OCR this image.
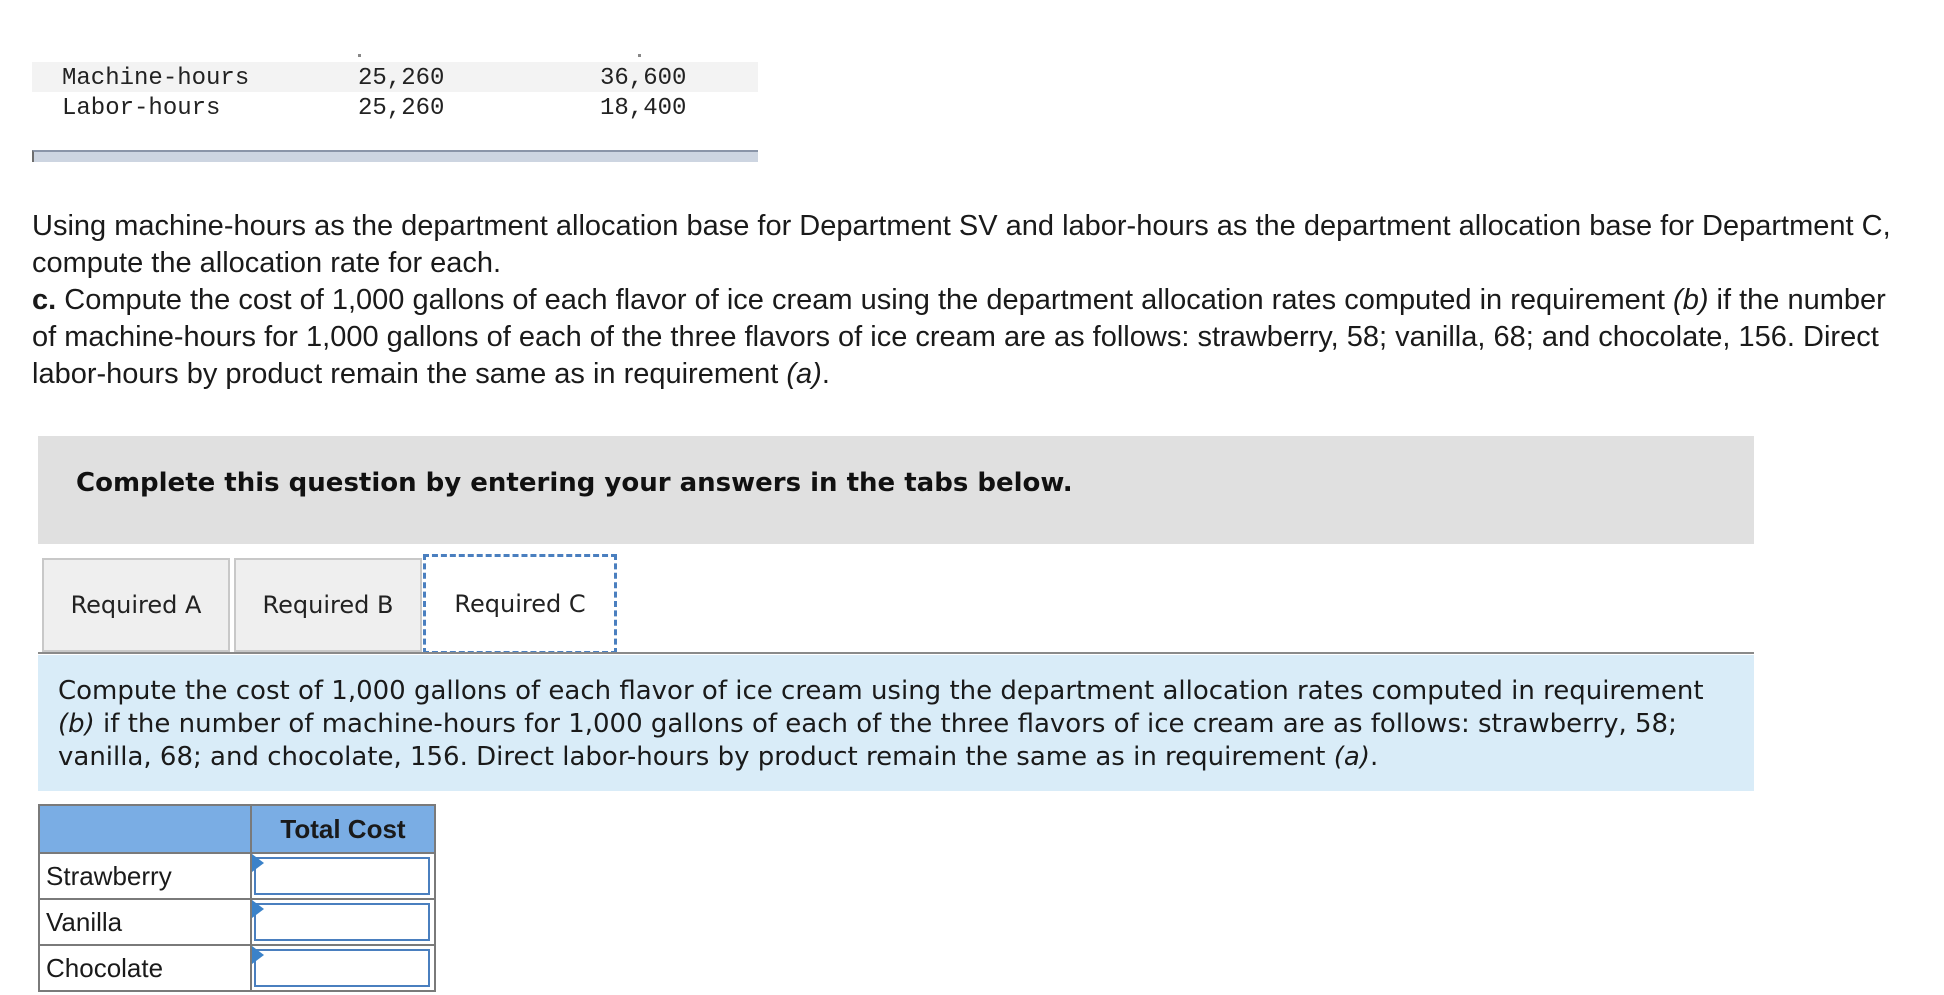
Machine-hours	25,260	36,600
Labor-hours	25,260	18,400

Using machine-hours as the department allocation base for Department SV and labor-hours as the department allocation base for Department C, compute the allocation rate for each.

c. Compute the cost of 1,000 gallons of each flavor of ice cream using the department allocation rates computed in requirement (b) if the number of machine-hours for 1,000 gallons of each of the three flavors of ice cream are as follows: strawberry, 58; vanilla, 68; and chocolate, 156. Direct labor-hours by product remain the same as in requirement (a).

Complete this question by entering your answers in the tabs below.
Required A	Required B	Required C
Compute the cost of 1,000 gallons of each flavor of ice cream using the department allocation rates computed in requirement (b) if the number of machine-hours for 1,000 gallons of each of the three flavors of ice cream are as follows: strawberry, 58; vanilla, 68; and chocolate, 156. Direct labor-hours by product remain the same as in requirement (a).
	Total Cost
Strawberry	

Vanilla	

Chocolate	
